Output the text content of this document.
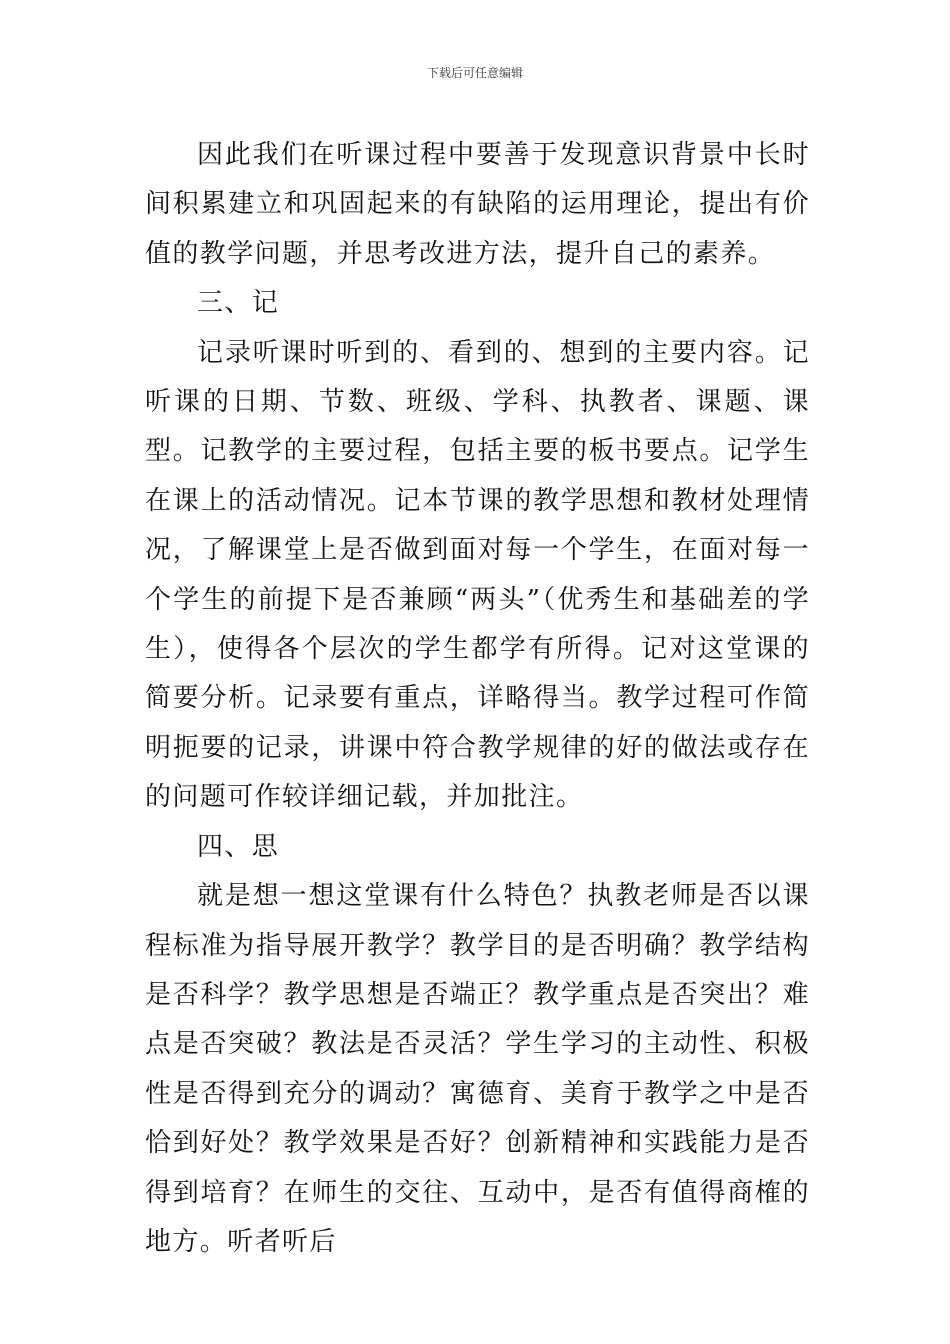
下载后可任意编辑

因此我们在听课过程中要善于发现意识背景中长时间积累建立和巩固起来的有缺陷的运用理论，提出有价值的教学问题，并思考改进方法，提升自己的素养。

三、记

记录听课时听到的、看到的、想到的主要内容。记听课的日期、节数、班级、学科、执教者、课题、课型。记教学的主要过程，包括主要的板书要点。记学生在课上的活动情况。记本节课的教学思想和教材处理情况，了解课堂上是否做到面对每一个学生，在面对每一个学生的前提下是否兼顾“两头”（优秀生和基础差的学生），使得各个层次的学生都学有所得。记对这堂课的简要分析。记录要有重点，详略得当。教学过程可作简明扼要的记录，讲课中符合教学规律的好的做法或存在的问题可作较详细记载，并加批注。

四、思

就是想一想这堂课有什么特色？执教老师是否以课程标准为指导展开教学？教学目的是否明确？教学结构是否科学？教学思想是否端正？教学重点是否突出？难点是否突破？教法是否灵活？学生学习的主动性、积极性是否得到充分的调动？寓德育、美育于教学之中是否恰到好处？教学效果是否好？创新精神和实践能力是否得到培育？在师生的交往、互动中，是否有值得商榷的地方。听者听后
